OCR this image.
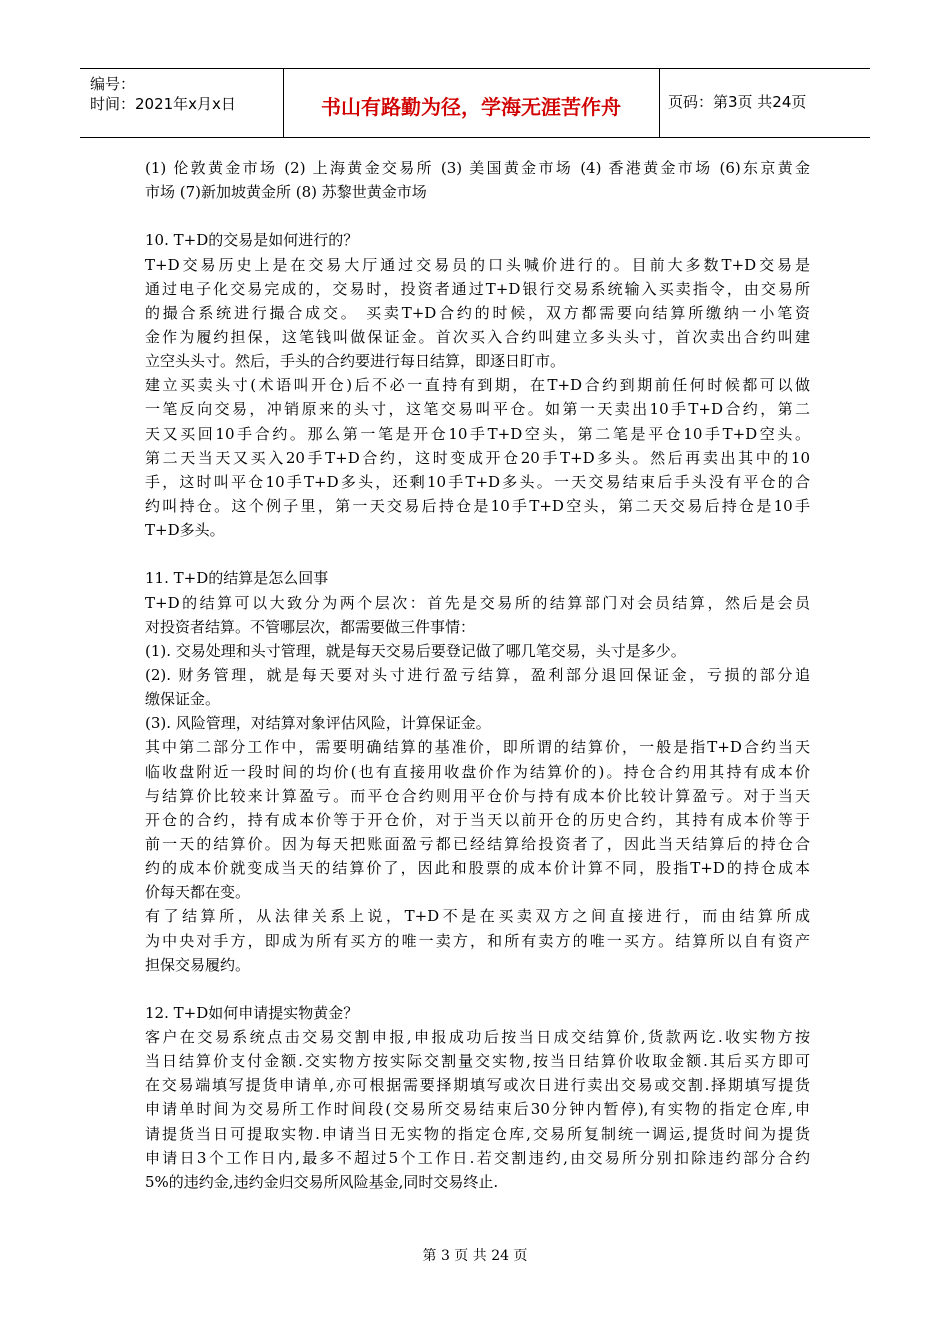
编号：
时间：2021年x月x日	书山有路勤为径，学海无涯苦作舟	页码：第3页 共24页
(1) 伦敦黄金市场 (2) 上海黄金交易所 (3) 美国黄金市场 (4) 香港黄金市场 (6)东京黄金
市场 (7)新加坡黄金所 (8) 苏黎世黄金市场
10. T+D的交易是如何进行的？
T+D交易历史上是在交易大厅通过交易员的口头喊价进行的。目前大多数T+D交易是
通过电子化交易完成的，交易时，投资者通过T+D银行交易系统输入买卖指令，由交易所
的撮合系统进行撮合成交。 买卖T+D合约的时候，双方都需要向结算所缴纳一小笔资
金作为履约担保，这笔钱叫做保证金。首次买入合约叫建立多头头寸，首次卖出合约叫建
立空头头寸。然后，手头的合约要进行每日结算，即逐日盯市。
建立买卖头寸(术语叫开仓)后不必一直持有到期，在T+D合约到期前任何时候都可以做
一笔反向交易，冲销原来的头寸，这笔交易叫平仓。如第一天卖出10手T+D合约，第二
天又买回10手合约。那么第一笔是开仓10手T+D空头，第二笔是平仓10手T+D空头。
第二天当天又买入20手T+D合约，这时变成开仓20手T+D多头。然后再卖出其中的10
手，这时叫平仓10手T+D多头，还剩10手T+D多头。一天交易结束后手头没有平仓的合
约叫持仓。这个例子里，第一天交易后持仓是10手T+D空头，第二天交易后持仓是10手
T+D多头。
11. T+D的结算是怎么回事
T+D的结算可以大致分为两个层次：首先是交易所的结算部门对会员结算，然后是会员
对投资者结算。不管哪层次，都需要做三件事情：
(1). 交易处理和头寸管理，就是每天交易后要登记做了哪几笔交易，头寸是多少。
(2). 财务管理，就是每天要对头寸进行盈亏结算，盈利部分退回保证金，亏损的部分追
缴保证金。
(3). 风险管理，对结算对象评估风险，计算保证金。
其中第二部分工作中，需要明确结算的基准价，即所谓的结算价，一般是指T+D合约当天
临收盘附近一段时间的均价(也有直接用收盘价作为结算价的)。持仓合约用其持有成本价
与结算价比较来计算盈亏。而平仓合约则用平仓价与持有成本价比较计算盈亏。对于当天
开仓的合约，持有成本价等于开仓价，对于当天以前开仓的历史合约，其持有成本价等于
前一天的结算价。因为每天把账面盈亏都已经结算给投资者了，因此当天结算后的持仓合
约的成本价就变成当天的结算价了，因此和股票的成本价计算不同，股指T+D的持仓成本
价每天都在变。
有了结算所，从法律关系上说，T+D不是在买卖双方之间直接进行，而由结算所成
为中央对手方，即成为所有买方的唯一卖方，和所有卖方的唯一买方。结算所以自有资产
担保交易履约。
12. T+D如何申请提实物黄金？
客户在交易系统点击交易交割申报,申报成功后按当日成交结算价,货款两讫.收实物方按
当日结算价支付金额.交实物方按实际交割量交实物,按当日结算价收取金额.其后买方即可
在交易端填写提货申请单,亦可根据需要择期填写或次日进行卖出交易或交割.择期填写提货
申请单时间为交易所工作时间段(交易所交易结束后30分钟内暂停),有实物的指定仓库,申
请提货当日可提取实物.申请当日无实物的指定仓库,交易所复制统一调运,提货时间为提货
申请日3个工作日内,最多不超过5个工作日.若交割违约,由交易所分别扣除违约部分合约
5%的违约金,违约金归交易所风险基金,同时交易终止.
第 3 页 共 24 页
